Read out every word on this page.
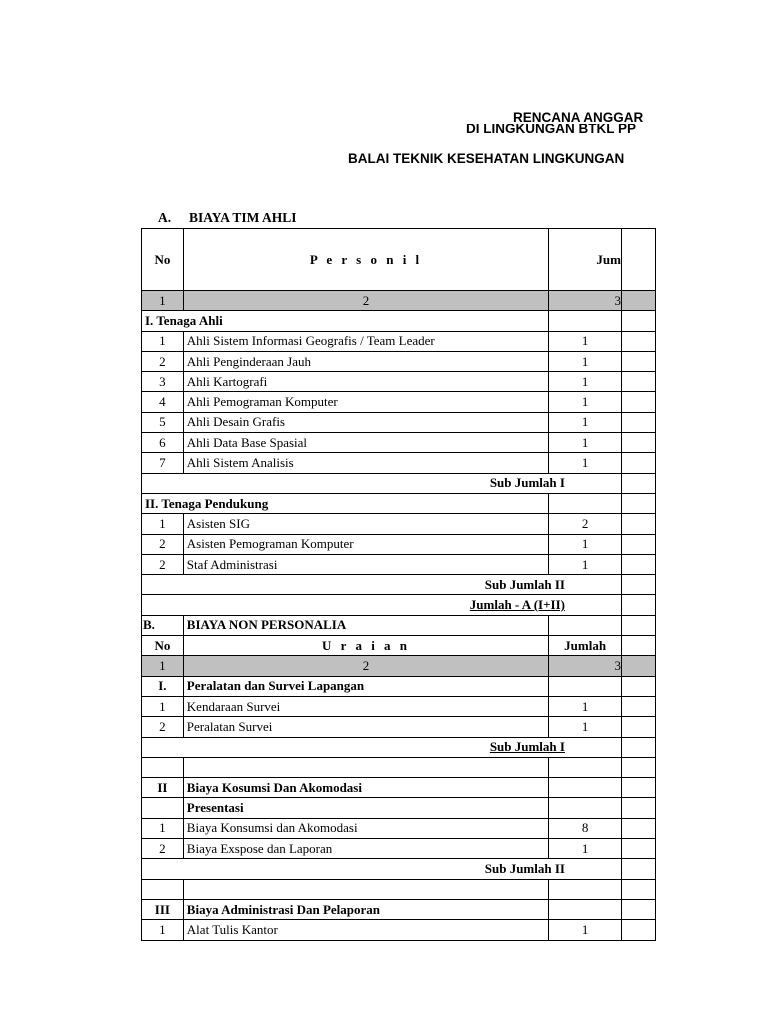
RENCANA ANGGAR
DI LINGKUNGAN BTKL PP
BALAI TEKNIK KESEHATAN LINGKUNGAN
A. BIAYA TIM AHLI
No	P e r s o n i l	Jum	
1	2	3	
I. Tenaga Ahli			
1	Ahli Sistem Informasi Geografis / Team Leader	1	
2	Ahli Penginderaan Jauh	1	
3	Ahli Kartografi	1	
4	Ahli Pemograman Komputer	1	
5	Ahli Desain Grafis	1	
6	Ahli Data Base Spasial	1	
7	Ahli Sistem Analisis	1	
Sub Jumlah I			
II. Tenaga Pendukung			
1	Asisten SIG	2	
2	Asisten Pemograman Komputer	1	
2	Staf Administrasi	1	
Sub Jumlah II			
Jumlah - A (I+II)			
B.	BIAYA NON PERSONALIA		
No	U r a i a n	Jumlah	
1	2	3	
I.	Peralatan dan Survei Lapangan		
1	Kendaraan Survei	1	
2	Peralatan Survei	1	
Sub Jumlah I			

II	Biaya Kosumsi Dan Akomodasi		
	Presentasi		
1	Biaya Konsumsi dan Akomodasi	8	
2	Biaya Exspose dan Laporan	1	
Sub Jumlah II			

III	Biaya Administrasi Dan Pelaporan		
1	Alat Tulis Kantor	1	
